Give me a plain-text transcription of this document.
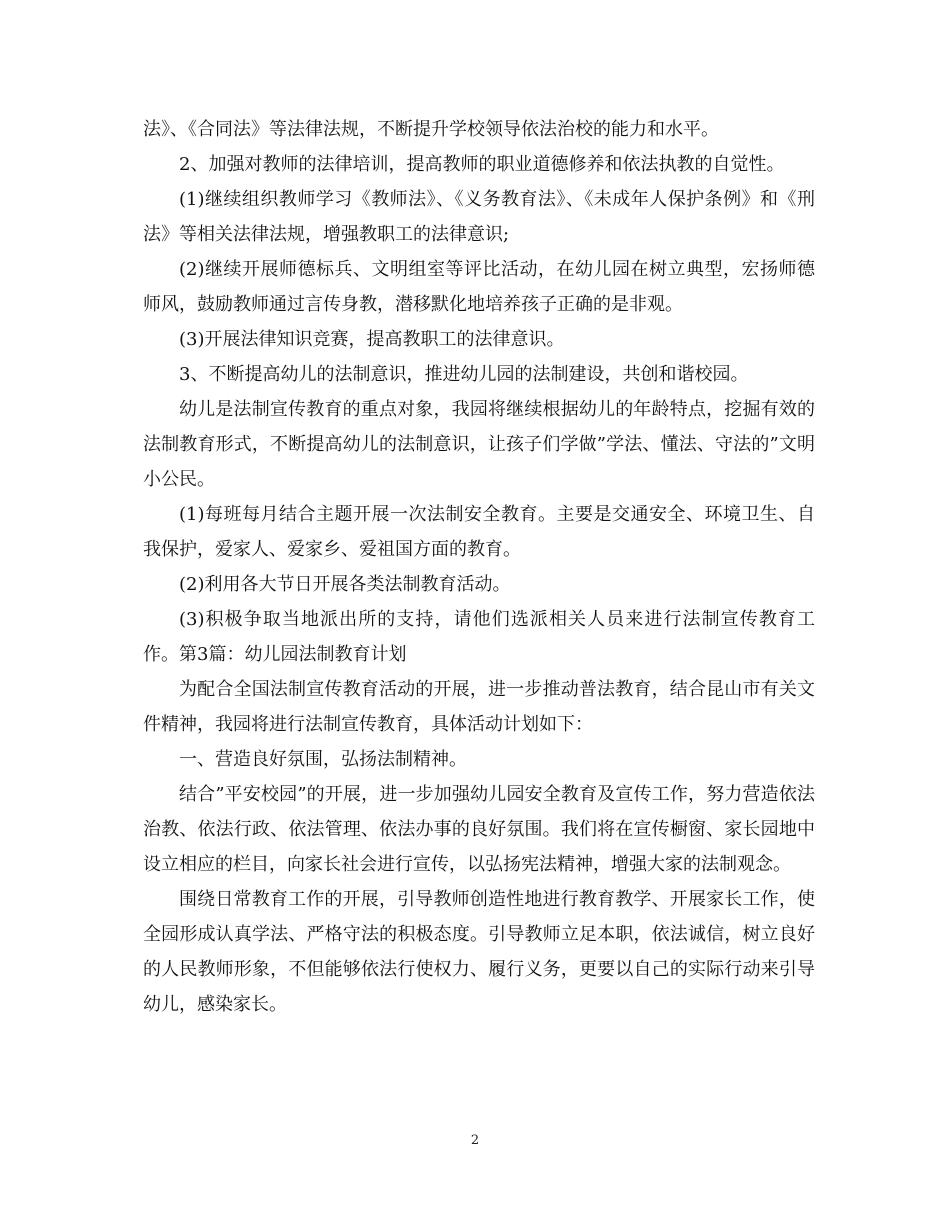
法》、《合同法》等法律法规，不断提升学校领导依法治校的能力和水平。

2、加强对教师的法律培训，提高教师的职业道德修养和依法执教的自觉性。

(1)继续组织教师学习《教师法》、《义务教育法》、《未成年人保护条例》和《刑法》等相关法律法规，增强教职工的法律意识;

(2)继续开展师德标兵、文明组室等评比活动，在幼儿园在树立典型，宏扬师德师风，鼓励教师通过言传身教，潜移默化地培养孩子正确的是非观。

(3)开展法律知识竞赛，提高教职工的法律意识。

3、不断提高幼儿的法制意识，推进幼儿园的法制建设，共创和谐校园。

幼儿是法制宣传教育的重点对象，我园将继续根据幼儿的年龄特点，挖掘有效的法制教育形式，不断提高幼儿的法制意识，让孩子们学做”学法、懂法、守法的”文明小公民。

(1)每班每月结合主题开展一次法制安全教育。主要是交通安全、环境卫生、自我保护，爱家人、爱家乡、爱祖国方面的教育。

(2)利用各大节日开展各类法制教育活动。

(3)积极争取当地派出所的支持，请他们选派相关人员来进行法制宣传教育工作。第3篇：幼儿园法制教育计划

为配合全国法制宣传教育活动的开展，进一步推动普法教育，结合昆山市有关文件精神，我园将进行法制宣传教育，具体活动计划如下：

一、营造良好氛围，弘扬法制精神。

结合”平安校园”的开展，进一步加强幼儿园安全教育及宣传工作，努力营造依法治教、依法行政、依法管理、依法办事的良好氛围。我们将在宣传橱窗、家长园地中设立相应的栏目，向家长社会进行宣传，以弘扬宪法精神，增强大家的法制观念。

围绕日常教育工作的开展，引导教师创造性地进行教育教学、开展家长工作，使全园形成认真学法、严格守法的积极态度。引导教师立足本职，依法诚信，树立良好的人民教师形象，不但能够依法行使权力、履行义务，更要以自己的实际行动来引导幼儿，感染家长。

2
